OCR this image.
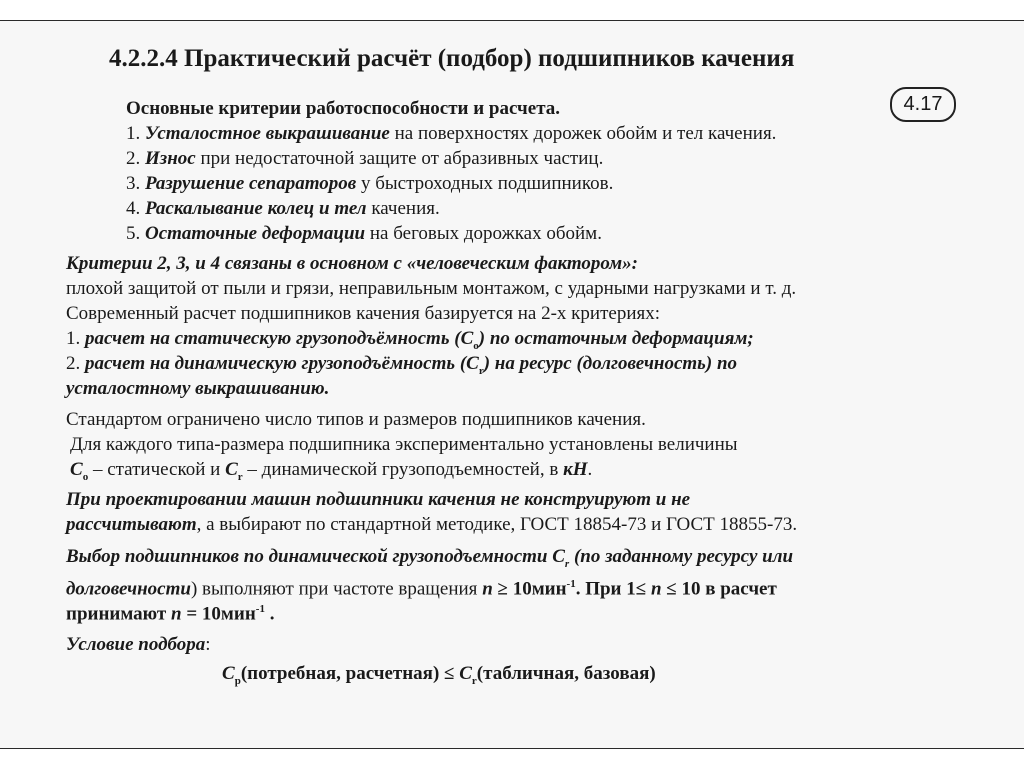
4.2.2.4 Практический расчёт (подбор) подшипников качения
4.17
Основные критерии работоспособности и расчета.
1. Усталостное выкрашивание на поверхностях дорожек обойм и тел качения.
2. Износ при недостаточной защите от абразивных частиц.
3. Разрушение сепараторов у быстроходных подшипников.
4. Раскалывание колец и тел качения.
5. Остаточные деформации на беговых дорожках обойм.
Критерии 2, 3, и 4 связаны в основном с «человеческим фактором»:
плохой защитой от пыли и грязи, неправильным монтажом, с ударными нагрузками и т. д.
Современный расчет подшипников качения базируется на 2-х критериях:
1. расчет на статическую грузоподъёмность $(C_o)$ по остаточным деформациям;
2. расчет на динамическую грузоподъёмность $(C_r)$ на ресурс (долговечность) по
усталостному выкрашиванию.
Стандартом ограничено число типов и размеров подшипников качения.
Для каждого типа-размера подшипника экспериментально установлены величины
$C_o$ – статической и $C_r$ – динамической грузоподъемностей, в кН.
При проектировании машин подшипники качения не конструируют и не
рассчитывают, а выбирают по стандартной методике, ГОСТ 18854-73 и ГОСТ 18855-73.
Выбор подшипников по динамической грузоподъемности $C_r$ (по заданному ресурсу или
долговечности) выполняют при частоте вращения n ≥ 10мин$^{-1}$. При 1≤ n ≤ 10 в расчет
принимают n = 10мин$^{-1}$ .
Условие подбора:
$C_p(потребная$, расчетная) ≤ $C_r(табличная$, базовая)
